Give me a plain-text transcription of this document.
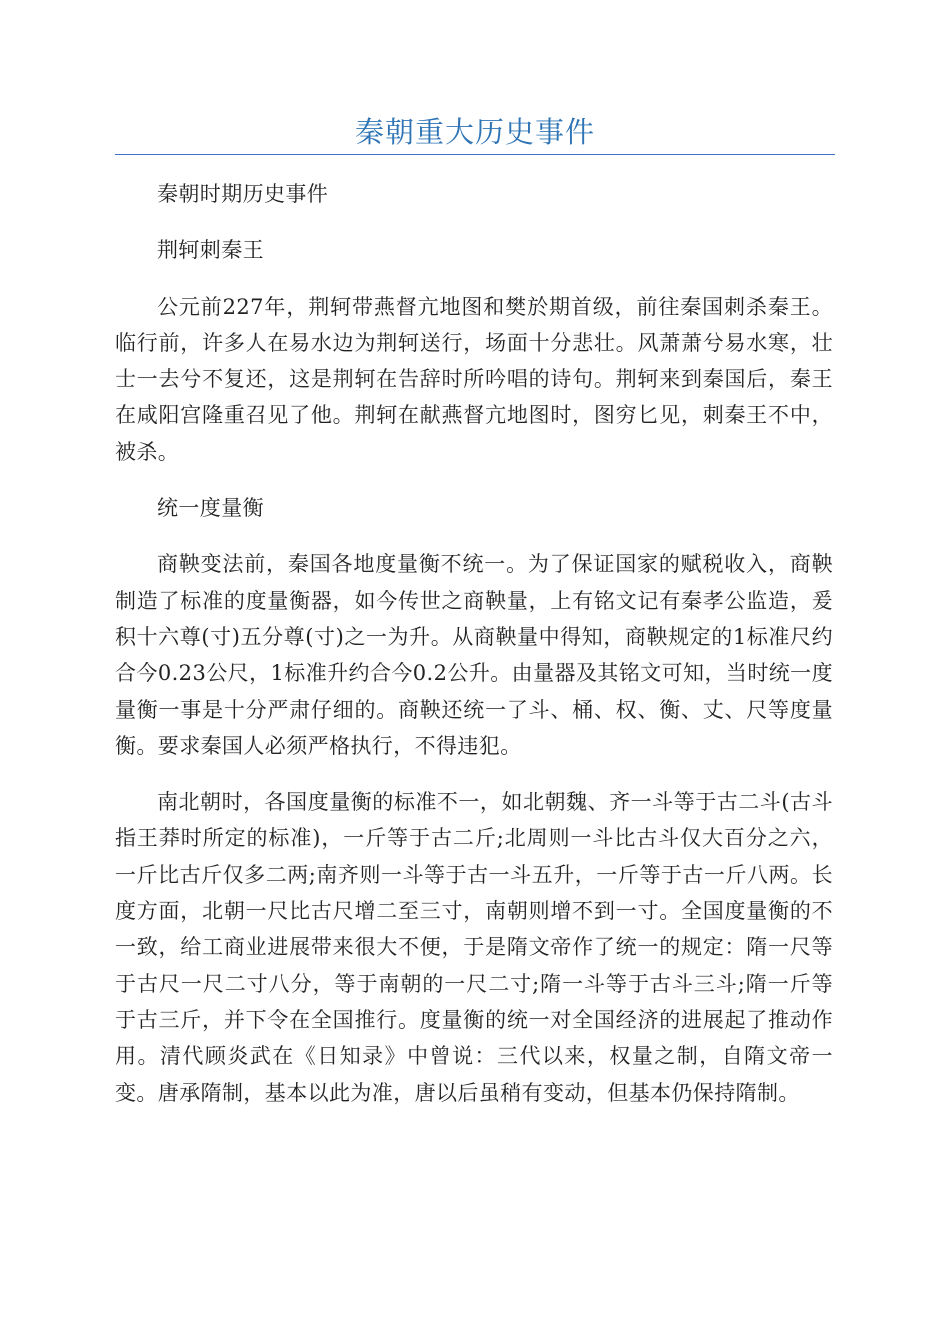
秦朝重大历史事件

秦朝时期历史事件

荆轲刺秦王

公元前227年，荆轲带燕督亢地图和樊於期首级，前往秦国刺杀秦王。临行前，许多人在易水边为荆轲送行，场面十分悲壮。风萧萧兮易水寒，壮士一去兮不复还，这是荆轲在告辞时所吟唱的诗句。荆轲来到秦国后，秦王在咸阳宫隆重召见了他。荆轲在献燕督亢地图时，图穷匕见，刺秦王不中，被杀。

统一度量衡

商鞅变法前，秦国各地度量衡不统一。为了保证国家的赋税收入，商鞅制造了标准的度量衡器，如今传世之商鞅量，上有铭文记有秦孝公监造，爰积十六尊(寸)五分尊(寸)之一为升。从商鞅量中得知，商鞅规定的1标准尺约合今0.23公尺，1标准升约合今0.2公升。由量器及其铭文可知，当时统一度量衡一事是十分严肃仔细的。商鞅还统一了斗、桶、权、衡、丈、尺等度量衡。要求秦国人必须严格执行，不得违犯。

南北朝时，各国度量衡的标准不一，如北朝魏、齐一斗等于古二斗(古斗指王莽时所定的标准)，一斤等于古二斤;北周则一斗比古斗仅大百分之六，一斤比古斤仅多二两;南齐则一斗等于古一斗五升，一斤等于古一斤八两。长度方面，北朝一尺比古尺增二至三寸，南朝则增不到一寸。全国度量衡的不一致，给工商业进展带来很大不便，于是隋文帝作了统一的规定：隋一尺等于古尺一尺二寸八分，等于南朝的一尺二寸;隋一斗等于古斗三斗;隋一斤等于古三斤，并下令在全国推行。度量衡的统一对全国经济的进展起了推动作用。清代顾炎武在《日知录》中曾说：三代以来，权量之制，自隋文帝一变。唐承隋制，基本以此为准，唐以后虽稍有变动，但基本仍保持隋制。
